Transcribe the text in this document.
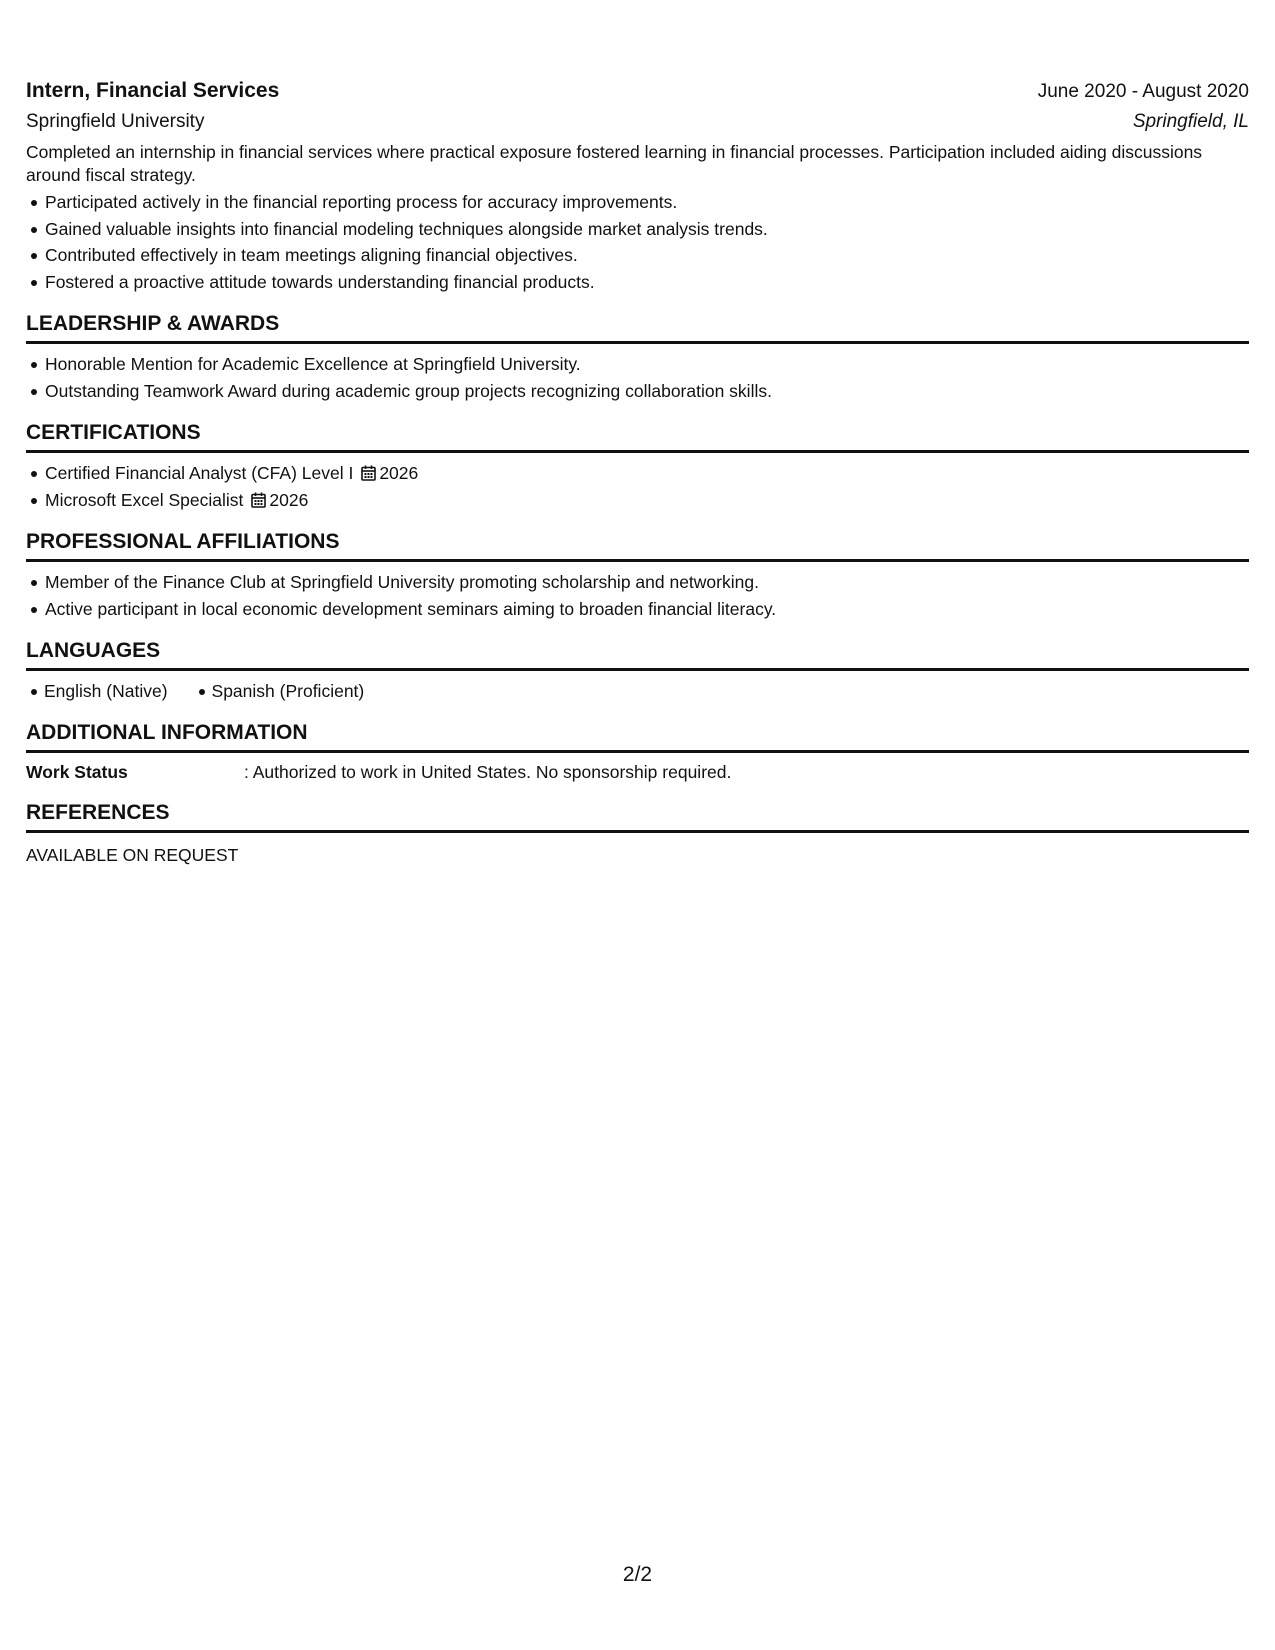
Intern, Financial Services	June 2020 - August 2020
Springfield University	Springfield, IL

Completed an internship in financial services where practical exposure fostered learning in financial processes. Participation included aiding discussions around fiscal strategy.

Participated actively in the financial reporting process for accuracy improvements.
Gained valuable insights into financial modeling techniques alongside market analysis trends.
Contributed effectively in team meetings aligning financial objectives.
Fostered a proactive attitude towards understanding financial products.
LEADERSHIP & AWARDS
Honorable Mention for Academic Excellence at Springfield University.
Outstanding Teamwork Award during academic group projects recognizing collaboration skills.
CERTIFICATIONS
Certified Financial Analyst (CFA) Level I 2026
Microsoft Excel Specialist 2026
PROFESSIONAL AFFILIATIONS
Member of the Finance Club at Springfield University promoting scholarship and networking.
Active participant in local economic development seminars aiming to broaden financial literacy.
LANGUAGES
English (Native)	Spanish (Proficient)
ADDITIONAL INFORMATION
Work Status	: Authorized to work in United States. No sponsorship required.
REFERENCES
AVAILABLE ON REQUEST
2/2
